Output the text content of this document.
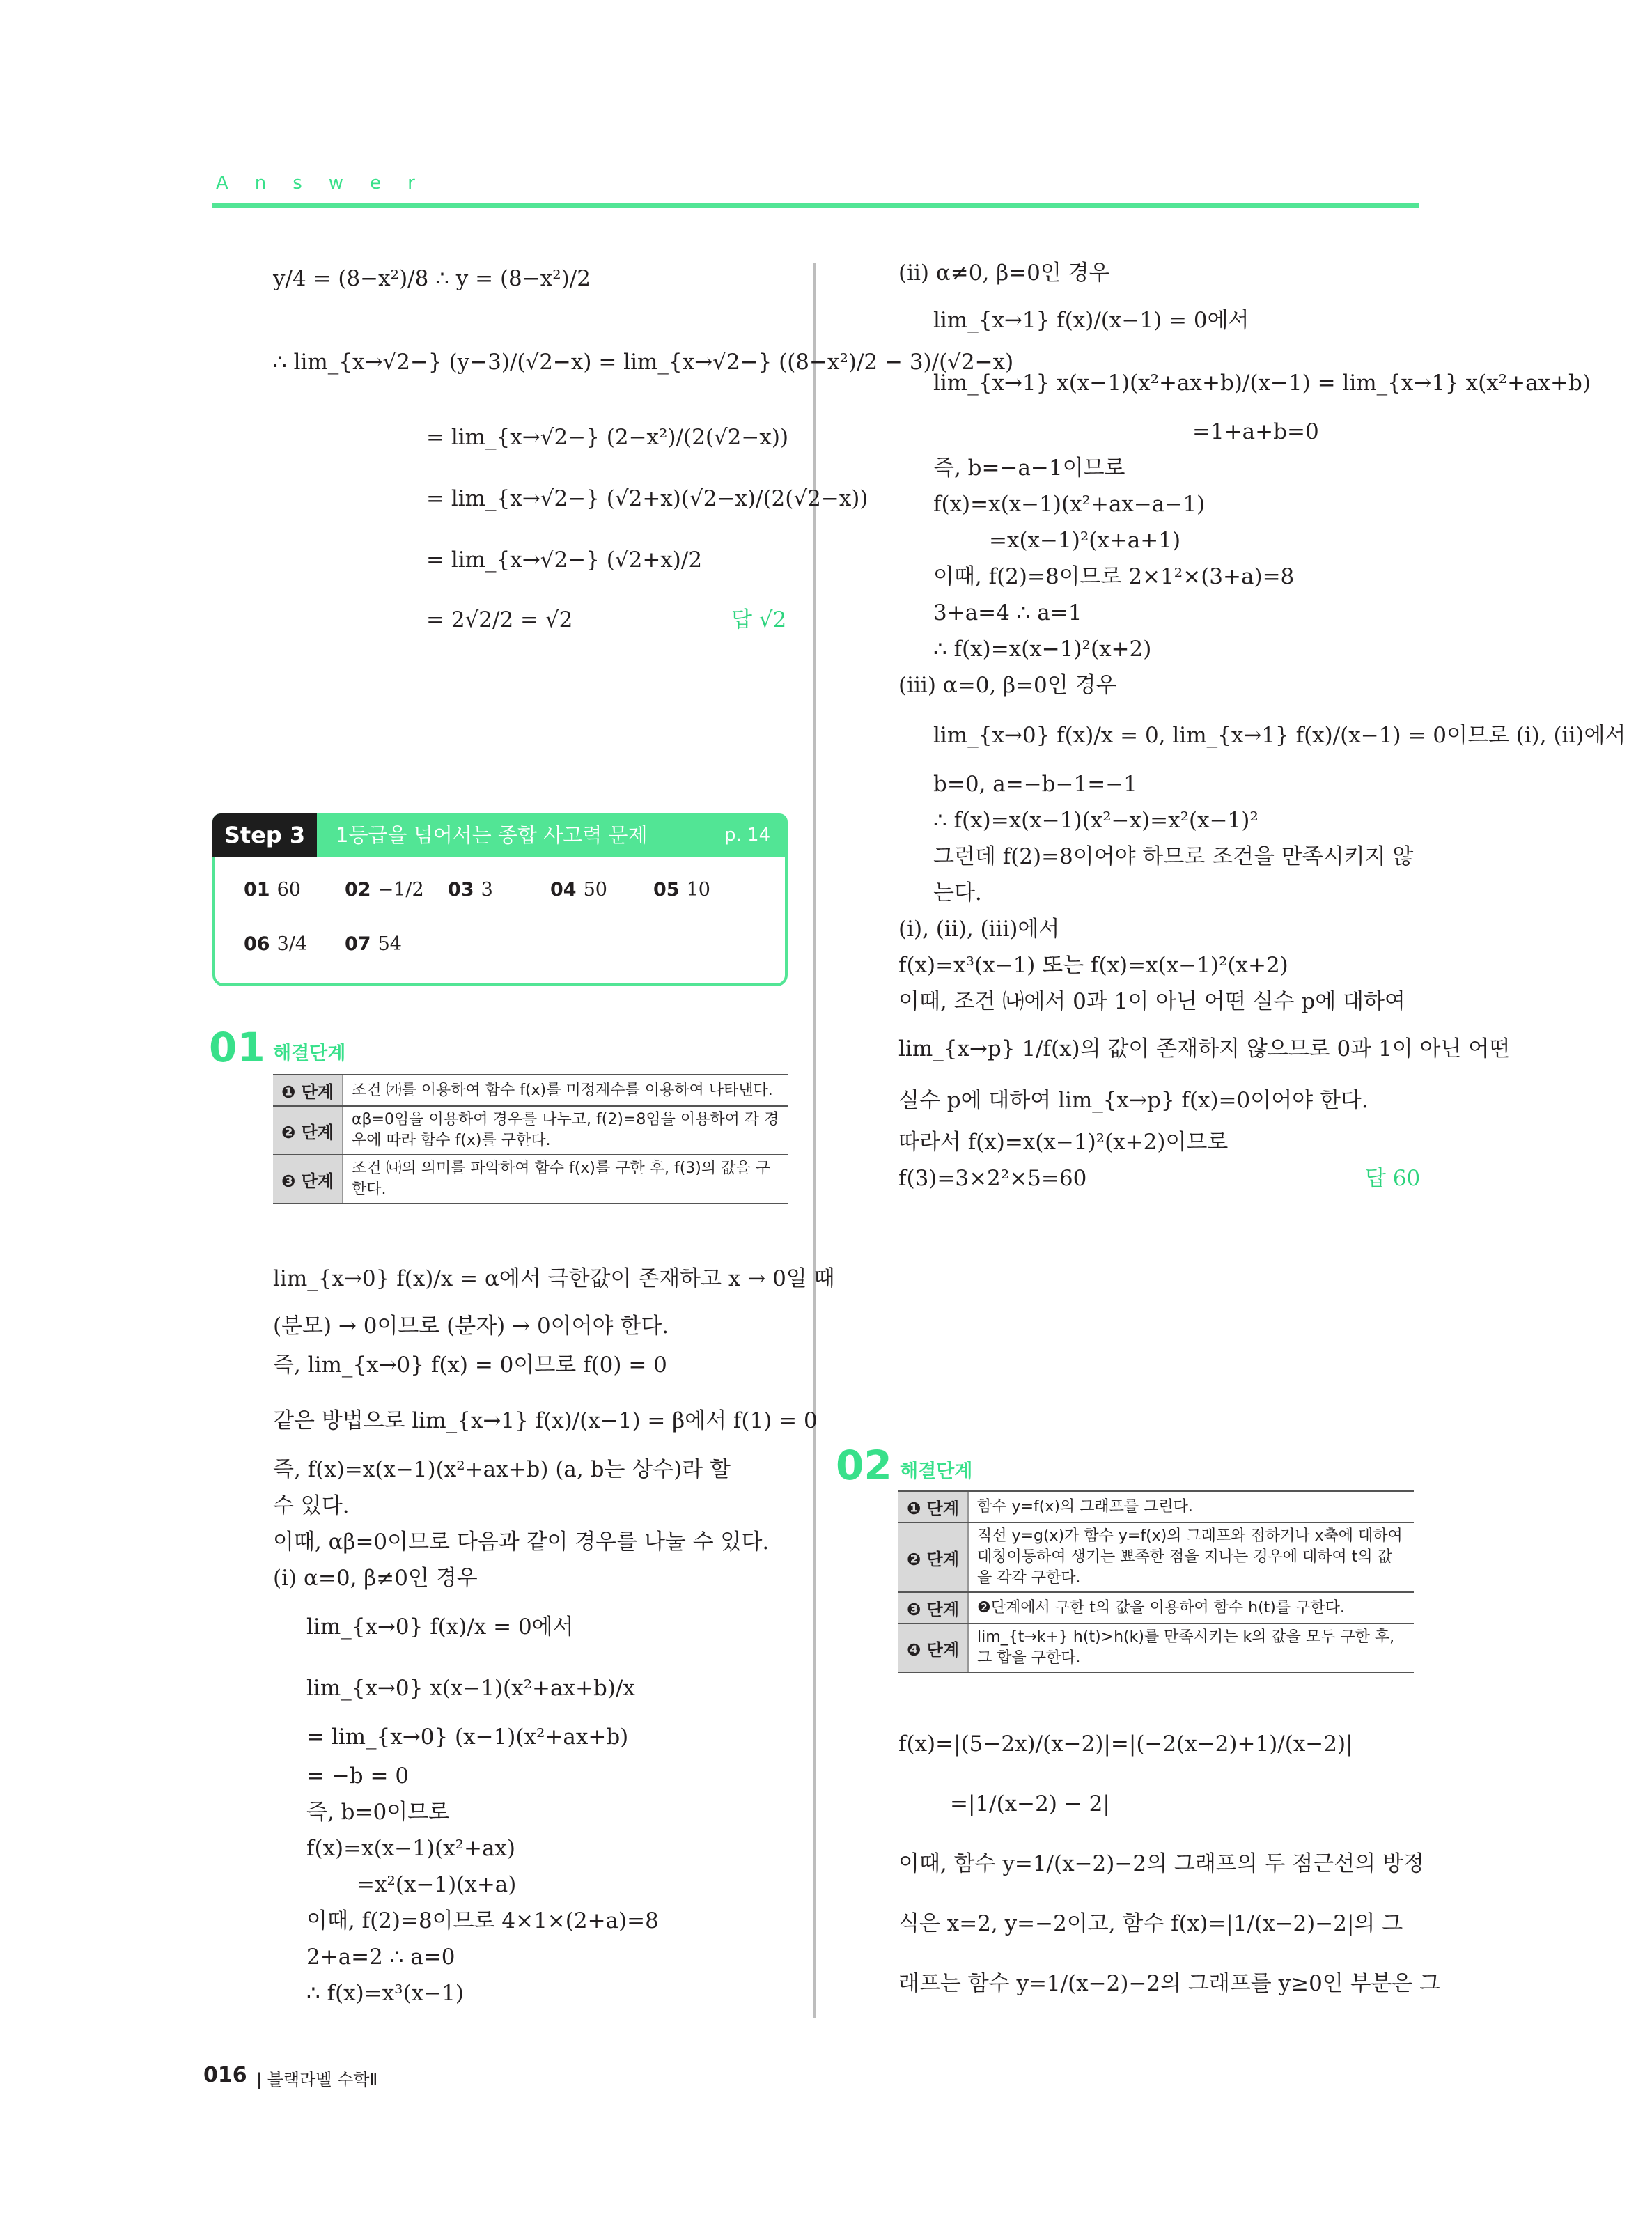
Answer
y/4 = (8−x²)/8 ∴ y = (8−x²)/2
∴ lim_{x→√2−} (y−3)/(√2−x) = lim_{x→√2−} ((8−x²)/2 − 3)/(√2−x)
= lim_{x→√2−} (2−x²)/(2(√2−x))
= lim_{x→√2−} (√2+x)(√2−x)/(2(√2−x))
= lim_{x→√2−} (√2+x)/2
= 2√2/2 = √2	답 √2
Step 3	1등급을 넘어서는 종합 사고력 문제	p. 14
01 60 02 −1/2 03 3	04 50 05 10
06 3/4 07 54
01 해결단계
❶ 단계	조건 ㈎를 이용하여 함수 f(x)를 미정계수를 이용하여 나타낸다.
❷ 단계	αβ=0임을 이용하여 경우를 나누고, f(2)=8임을 이용하여 각 경우에 따라 함수 f(x)를 구한다.
❸ 단계	조건 ㈏의 의미를 파악하여 함수 f(x)를 구한 후, f(3)의 값을 구한다.
lim_{x→0} f(x)/x = α에서 극한값이 존재하고 x → 0일 때
(분모) → 0이므로 (분자) → 0이어야 한다.
즉, lim_{x→0} f(x) = 0이므로 f(0) = 0
같은 방법으로 lim_{x→1} f(x)/(x−1) = β에서 f(1) = 0
즉, f(x)=x(x−1)(x²+ax+b) (a, b는 상수)라 할
수 있다.
이때, αβ=0이므로 다음과 같이 경우를 나눌 수 있다.
(i) α=0, β≠0인 경우
lim_{x→0} f(x)/x = 0에서
lim_{x→0} x(x−1)(x²+ax+b)/x
= lim_{x→0} (x−1)(x²+ax+b)
= −b = 0
즉, b=0이므로
f(x)=x(x−1)(x²+ax)
=x²(x−1)(x+a)
이때, f(2)=8이므로 4×1×(2+a)=8
2+a=2 ∴ a=0
∴ f(x)=x³(x−1)
(ii) α≠0, β=0인 경우
lim_{x→1} f(x)/(x−1) = 0에서
lim_{x→1} x(x−1)(x²+ax+b)/(x−1) = lim_{x→1} x(x²+ax+b)
=1+a+b=0
즉, b=−a−1이므로
f(x)=x(x−1)(x²+ax−a−1)
=x(x−1)²(x+a+1)
이때, f(2)=8이므로 2×1²×(3+a)=8
3+a=4 ∴ a=1
∴ f(x)=x(x−1)²(x+2)
(iii) α=0, β=0인 경우
lim_{x→0} f(x)/x = 0, lim_{x→1} f(x)/(x−1) = 0이므로 (i), (ii)에서
b=0, a=−b−1=−1
∴ f(x)=x(x−1)(x²−x)=x²(x−1)²
그런데 f(2)=8이어야 하므로 조건을 만족시키지 않
는다.
(i), (ii), (iii)에서
f(x)=x³(x−1) 또는 f(x)=x(x−1)²(x+2)
이때, 조건 ㈏에서 0과 1이 아닌 어떤 실수 p에 대하여
lim_{x→p} 1/f(x)의 값이 존재하지 않으므로 0과 1이 아닌 어떤
실수 p에 대하여 lim_{x→p} f(x)=0이어야 한다.
따라서 f(x)=x(x−1)²(x+2)이므로
f(3)=3×2²×5=60	답 60
02 해결단계
❶ 단계	함수 y=f(x)의 그래프를 그린다.
❷ 단계	직선 y=g(x)가 함수 y=f(x)의 그래프와 접하거나 x축에 대하여 대칭이동하여 생기는 뾰족한 점을 지나는 경우에 대하여 t의 값을 각각 구한다.
❸ 단계	❷단계에서 구한 t의 값을 이용하여 함수 h(t)를 구한다.
❹ 단계	lim_{t→k+} h(t)>h(k)를 만족시키는 k의 값을 모두 구한 후, 그 합을 구한다.
f(x)=|(5−2x)/(x−2)|=|(−2(x−2)+1)/(x−2)|
=|1/(x−2) − 2|
이때, 함수 y=1/(x−2)−2의 그래프의 두 점근선의 방정
식은 x=2, y=−2이고, 함수 f(x)=|1/(x−2)−2|의 그
래프는 함수 y=1/(x−2)−2의 그래프를 y≥0인 부분은 그
016 | 블랙라벨 수학Ⅱ
